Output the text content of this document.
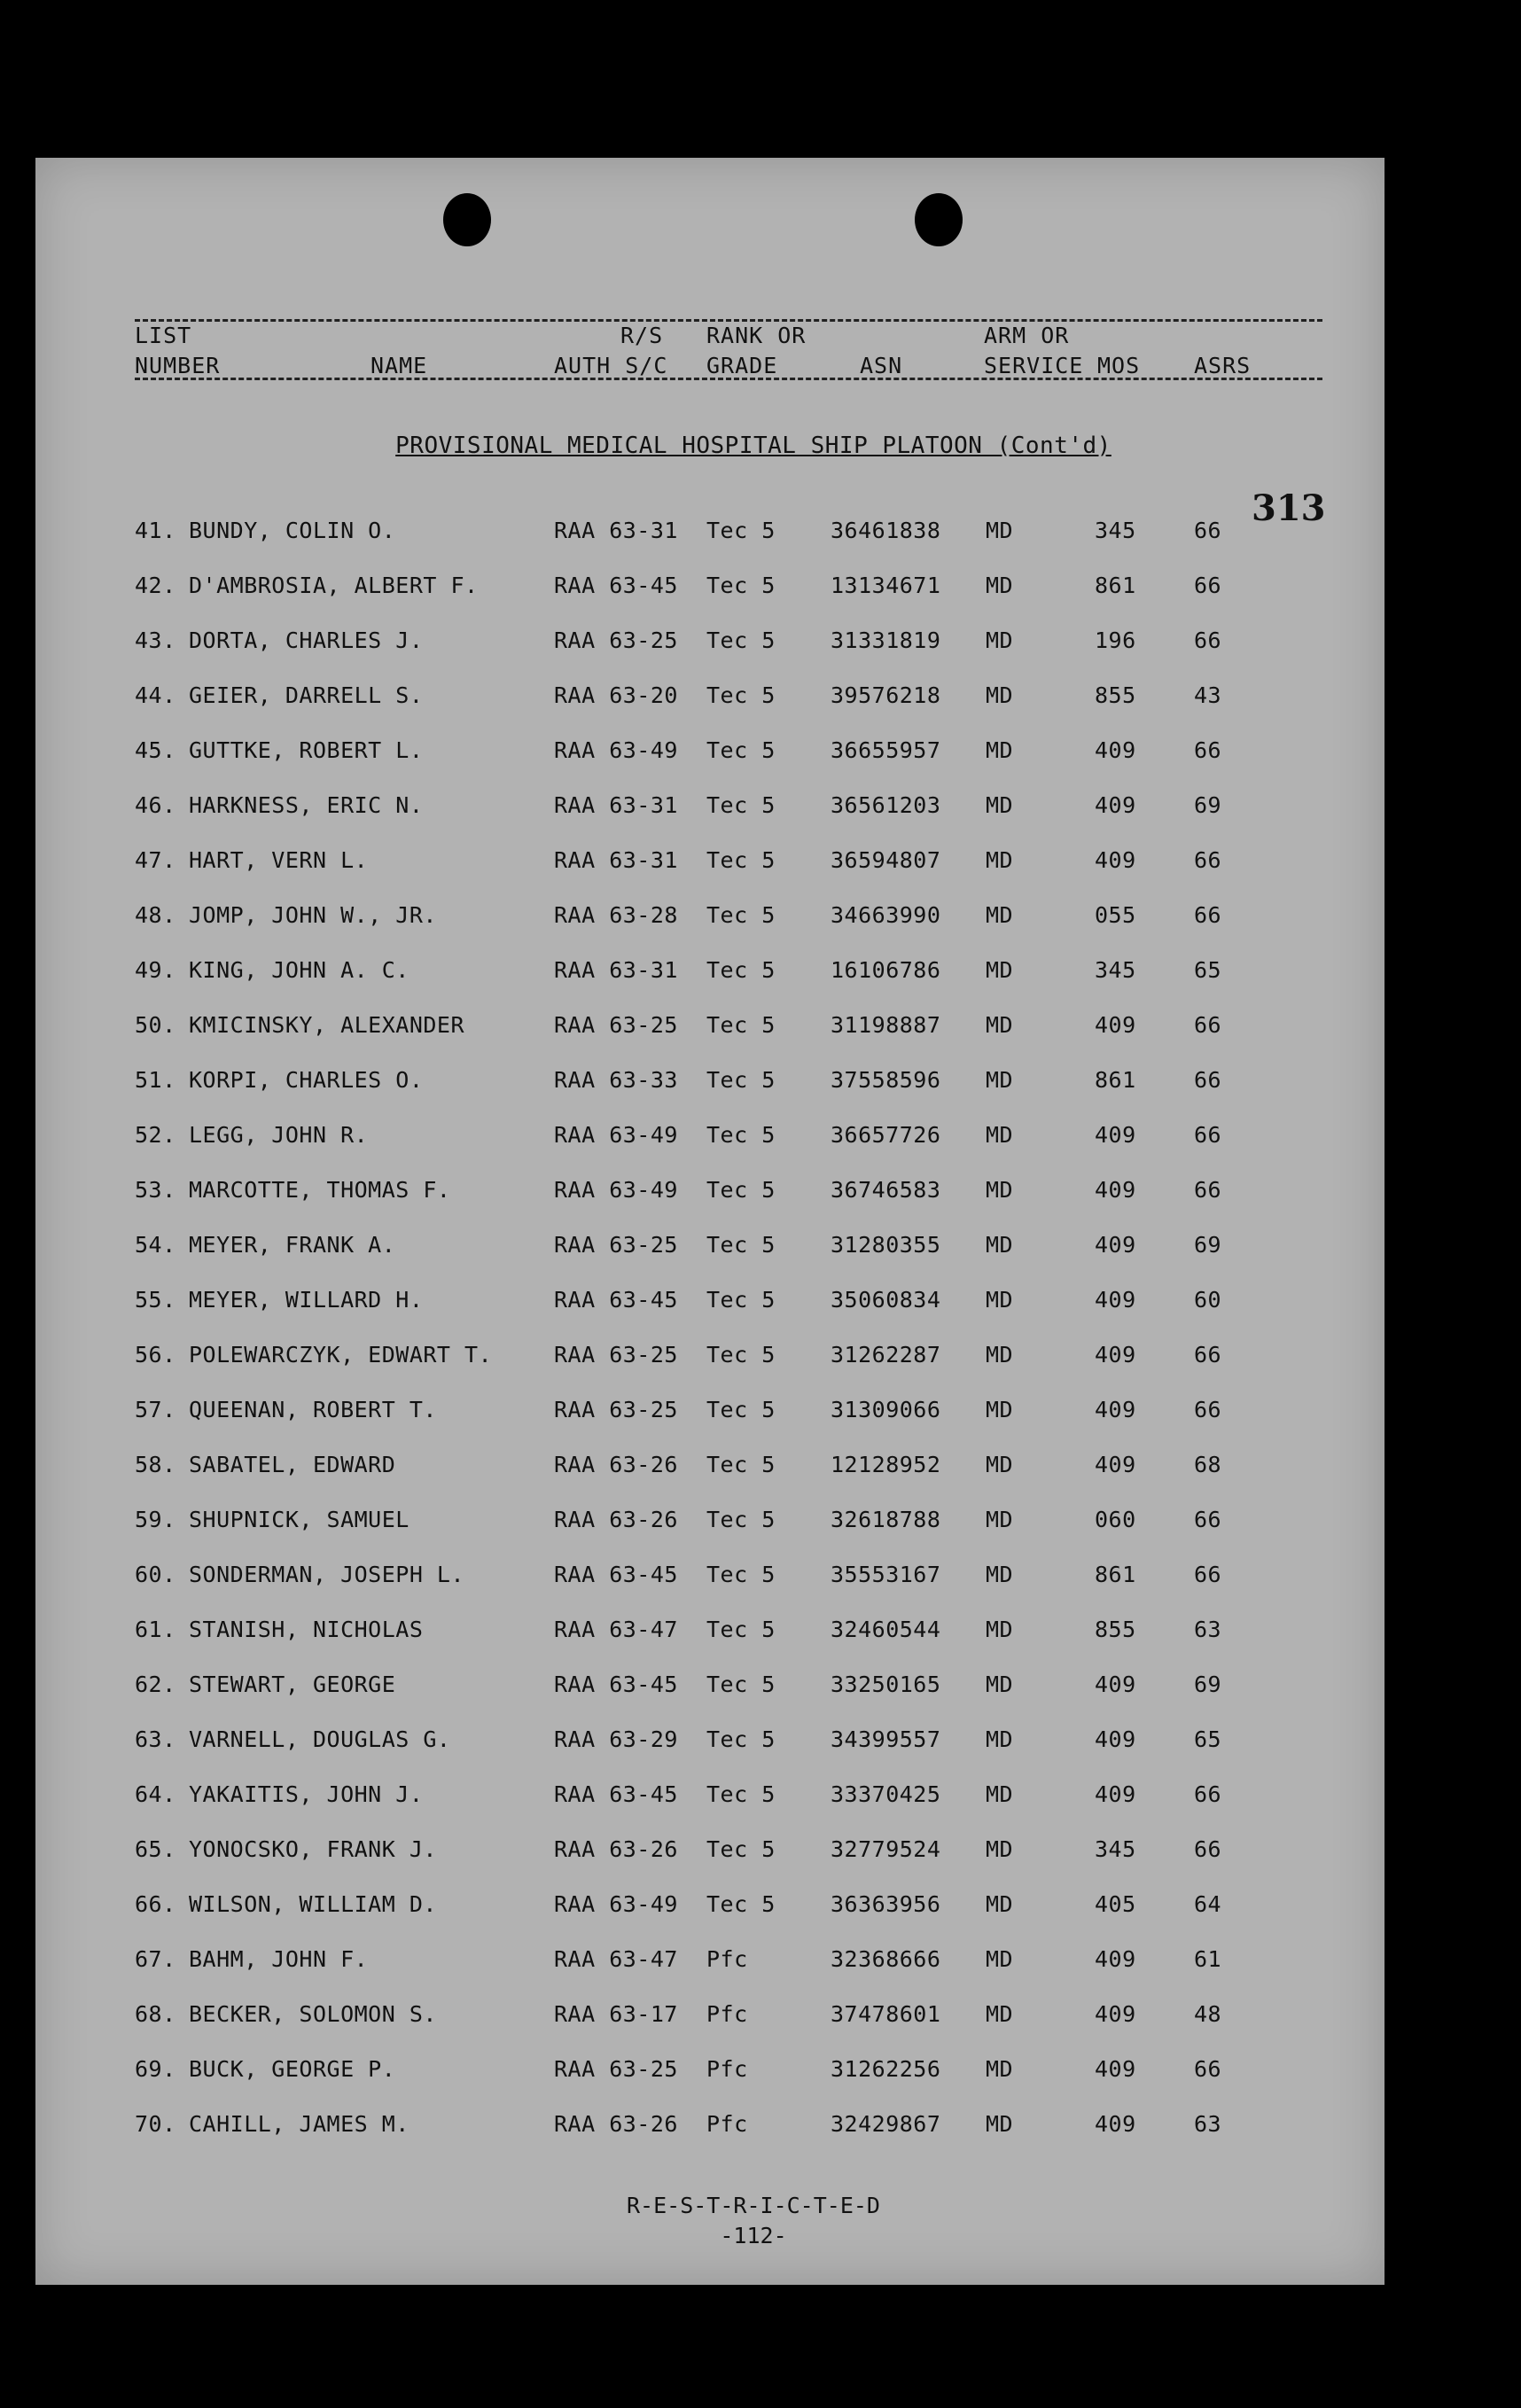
LIST	R/S RANK OR	ARM OR
NUMBER	NAME	AUTH S/C GRADE	ASN	SERVICE MOS ASRS
PROVISIONAL MEDICAL HOSPITAL SHIP PLATOON (Cont'd)
313
41. BUNDY, COLIN O.	RAA 63-31 Tec 5 36461838 MD	345	66
42. D'AMBROSIA, ALBERT F.	RAA 63-45 Tec 5 13134671 MD	861	66
43. DORTA, CHARLES J.	RAA 63-25 Tec 5 31331819 MD	196	66
44. GEIER, DARRELL S.	RAA 63-20 Tec 5 39576218 MD	855	43
45. GUTTKE, ROBERT L.	RAA 63-49 Tec 5 36655957 MD	409	66
46. HARKNESS, ERIC N.	RAA 63-31 Tec 5 36561203 MD	409	69
47. HART, VERN L.	RAA 63-31 Tec 5 36594807 MD	409	66
48. JOMP, JOHN W., JR.	RAA 63-28 Tec 5 34663990 MD	055	66
49. KING, JOHN A. C.	RAA 63-31 Tec 5 16106786 MD	345	65
50. KMICINSKY, ALEXANDER	RAA 63-25 Tec 5 31198887 MD	409	66
51. KORPI, CHARLES O.	RAA 63-33 Tec 5 37558596 MD	861	66
52. LEGG, JOHN R.	RAA 63-49 Tec 5 36657726 MD	409	66
53. MARCOTTE, THOMAS F.	RAA 63-49 Tec 5 36746583 MD	409	66
54. MEYER, FRANK A.	RAA 63-25 Tec 5 31280355 MD	409	69
55. MEYER, WILLARD H.	RAA 63-45 Tec 5 35060834 MD	409	60
56. POLEWARCZYK, EDWART T.	RAA 63-25 Tec 5 31262287 MD	409	66
57. QUEENAN, ROBERT T.	RAA 63-25 Tec 5 31309066 MD	409	66
58. SABATEL, EDWARD	RAA 63-26 Tec 5 12128952 MD	409	68
59. SHUPNICK, SAMUEL	RAA 63-26 Tec 5 32618788 MD	060	66
60. SONDERMAN, JOSEPH L.	RAA 63-45 Tec 5 35553167 MD	861	66
61. STANISH, NICHOLAS	RAA 63-47 Tec 5 32460544 MD	855	63
62. STEWART, GEORGE	RAA 63-45 Tec 5 33250165 MD	409	69
63. VARNELL, DOUGLAS G.	RAA 63-29 Tec 5 34399557 MD	409	65
64. YAKAITIS, JOHN J.	RAA 63-45 Tec 5 33370425 MD	409	66
65. YONOCSKO, FRANK J.	RAA 63-26 Tec 5 32779524 MD	345	66
66. WILSON, WILLIAM D.	RAA 63-49 Tec 5 36363956 MD	405	64
67. BAHM, JOHN F.	RAA 63-47 Pfc	32368666 MD	409	61
68. BECKER, SOLOMON S.	RAA 63-17 Pfc	37478601 MD	409	48
69. BUCK, GEORGE P.	RAA 63-25 Pfc	31262256 MD	409	66
70. CAHILL, JAMES M.	RAA 63-26 Pfc	32429867 MD	409	63
R-E-S-T-R-I-C-T-E-D
-112-
